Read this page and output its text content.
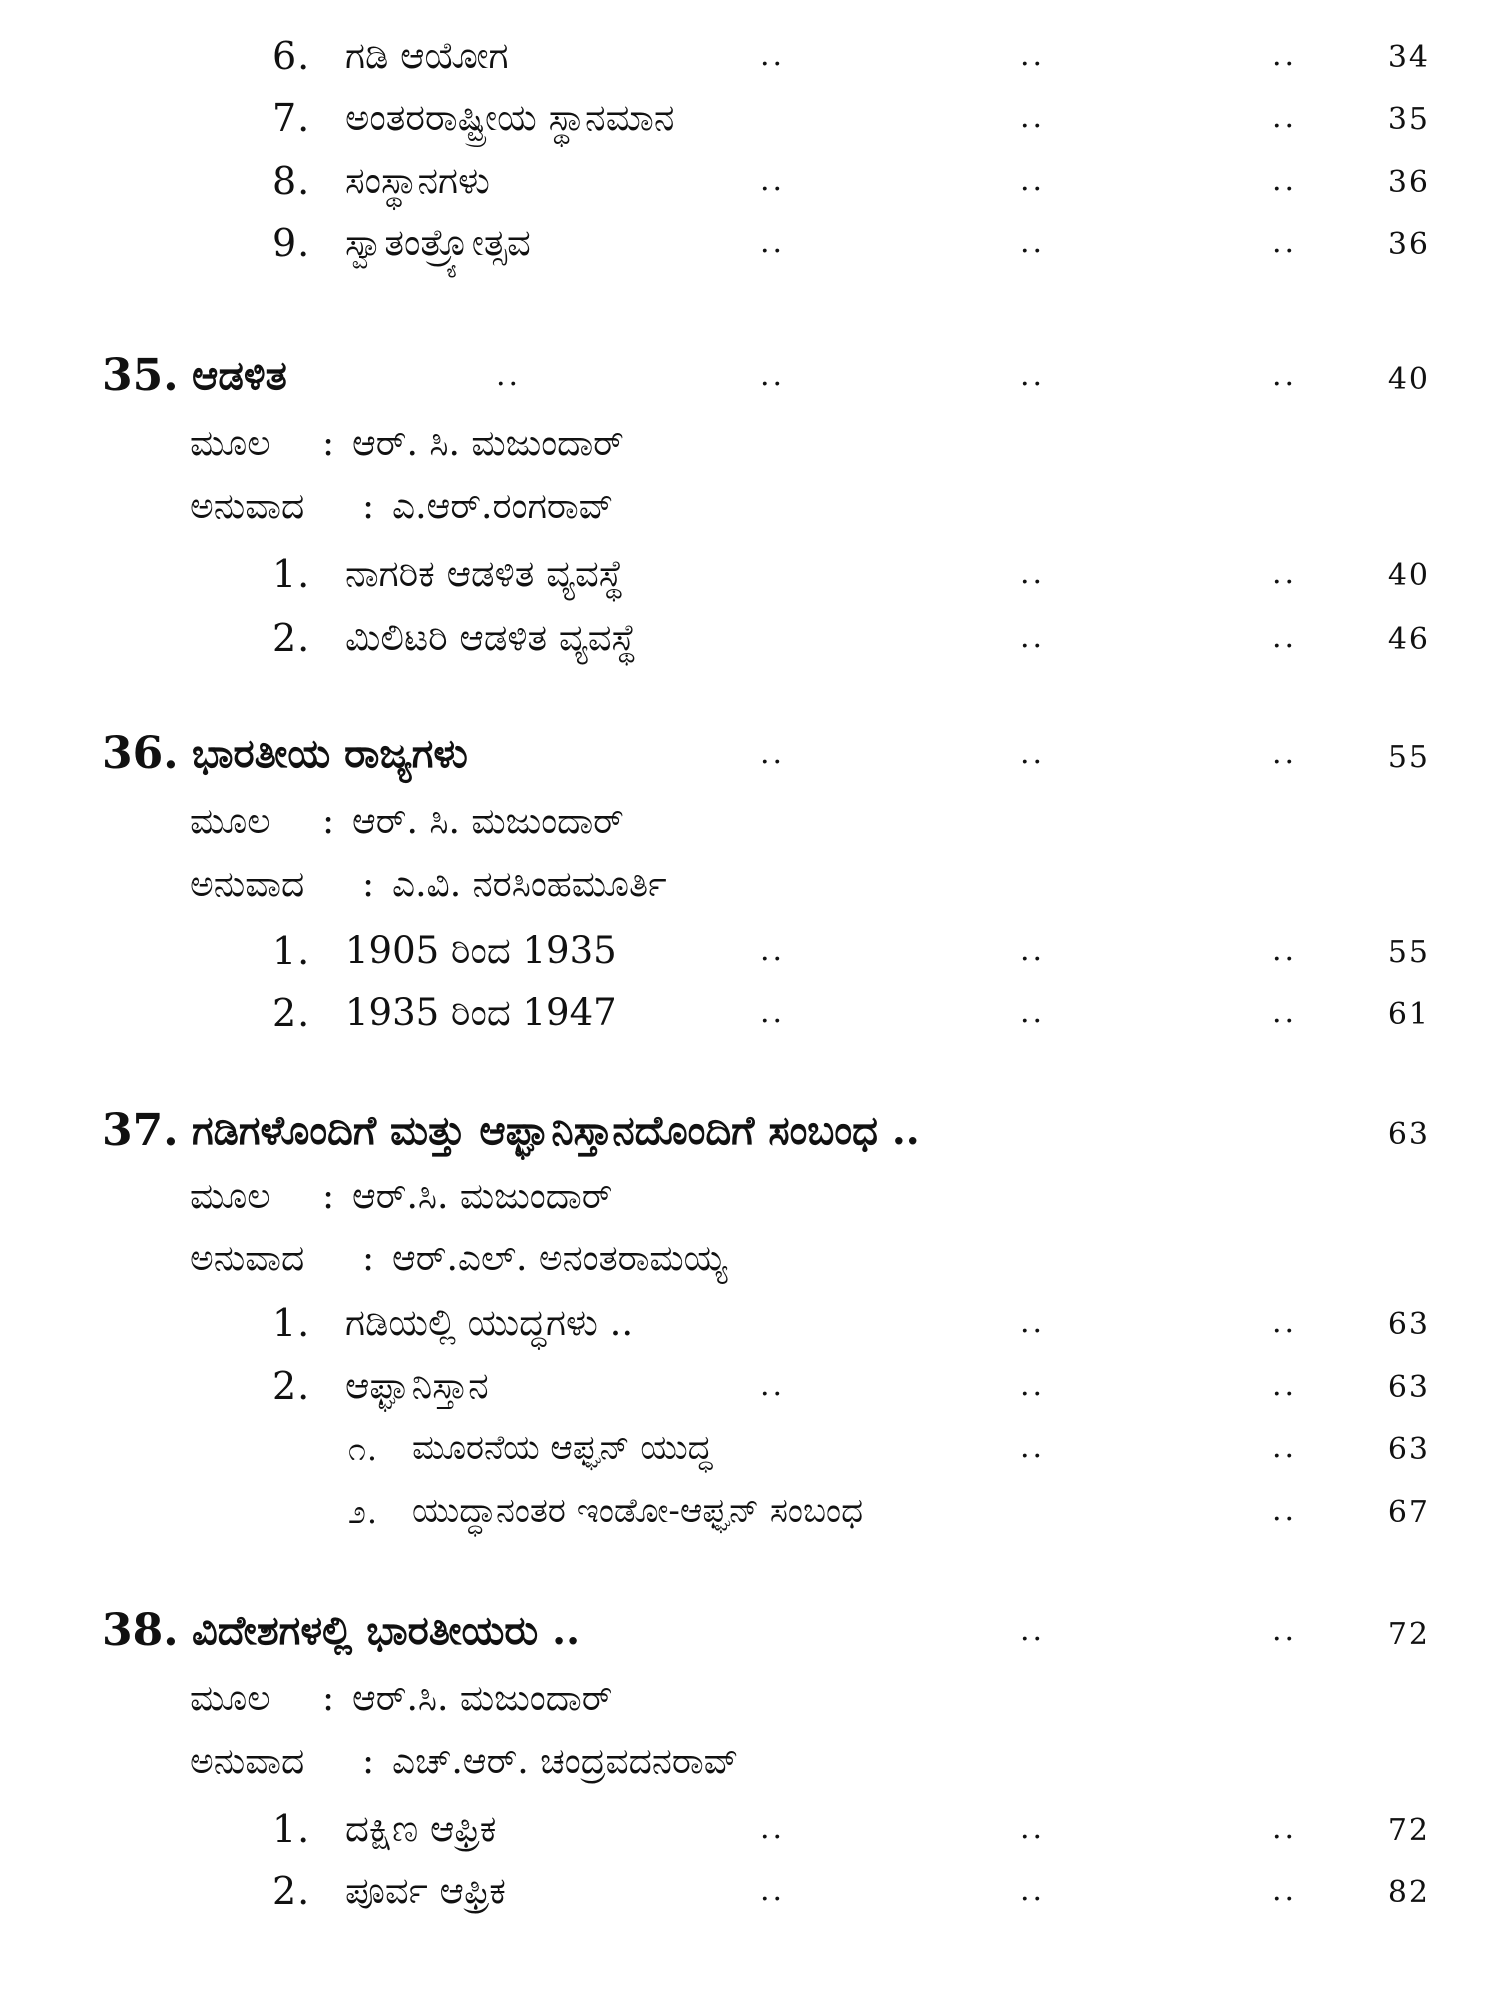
6. ಗಡಿ ಆಯೋಗ	..	..	..	34
7. ಅಂತರರಾಷ್ಟ್ರೀಯ ಸ್ಥಾನಮಾನ	..	..	35
8. ಸಂಸ್ಥಾನಗಳು	..	..	..	36
9. ಸ್ವಾತಂತ್ರ್ಯೋತ್ಸವ	..	..	..	36
35. ಆಡಳಿತ	..	..	..	..	40
ಮೂಲ : ಆರ್. ಸಿ. ಮಜುಂದಾರ್
ಅನುವಾದ : ಎ.ಆರ್.ರಂಗರಾವ್
1. ನಾಗರಿಕ ಆಡಳಿತ ವ್ಯವಸ್ಥೆ	..	..	40
2. ಮಿಲಿಟರಿ ಆಡಳಿತ ವ್ಯವಸ್ಥೆ	..	..	46
36. ಭಾರತೀಯ ರಾಜ್ಯಗಳು	..	..	..	55
ಮೂಲ : ಆರ್. ಸಿ. ಮಜುಂದಾರ್
ಅನುವಾದ : ಎ.ವಿ. ನರಸಿಂಹಮೂರ್ತಿ
1. 1905 ರಿಂದ 1935	..	..	..	55
2. 1935 ರಿಂದ 1947	..	..	..	61
37. ಗಡಿಗಳೊಂದಿಗೆ ಮತ್ತು ಆಫ್ಘಾನಿಸ್ತಾನದೊಂದಿಗೆ ಸಂಬಂಧ ..	63
ಮೂಲ : ಆರ್.ಸಿ. ಮಜುಂದಾರ್
ಅನುವಾದ : ಆರ್.ಎಲ್. ಅನಂತರಾಮಯ್ಯ
1. ಗಡಿಯಲ್ಲಿ ಯುದ್ಧಗಳು ..	..	..	63
2. ಆಫ್ಘಾನಿಸ್ತಾನ	..	..	..	63
೧. ಮೂರನೆಯ ಆಫ್ಘನ್ ಯುದ್ಧ	..	..	63
೨. ಯುದ್ಧಾನಂತರ ಇಂಡೋ-ಆಫ್ಘನ್ ಸಂಬಂಧ	..	67
38. ವಿದೇಶಗಳಲ್ಲಿ ಭಾರತೀಯರು ..	..	..	72
ಮೂಲ : ಆರ್.ಸಿ. ಮಜುಂದಾರ್
ಅನುವಾದ : ಎಚ್.ಆರ್. ಚಂದ್ರವದನರಾವ್
1. ದಕ್ಷಿಣ ಆಫ್ರಿಕ	..	..	..	72
2. ಪೂರ್ವ ಆಫ್ರಿಕ	..	..	..	82
